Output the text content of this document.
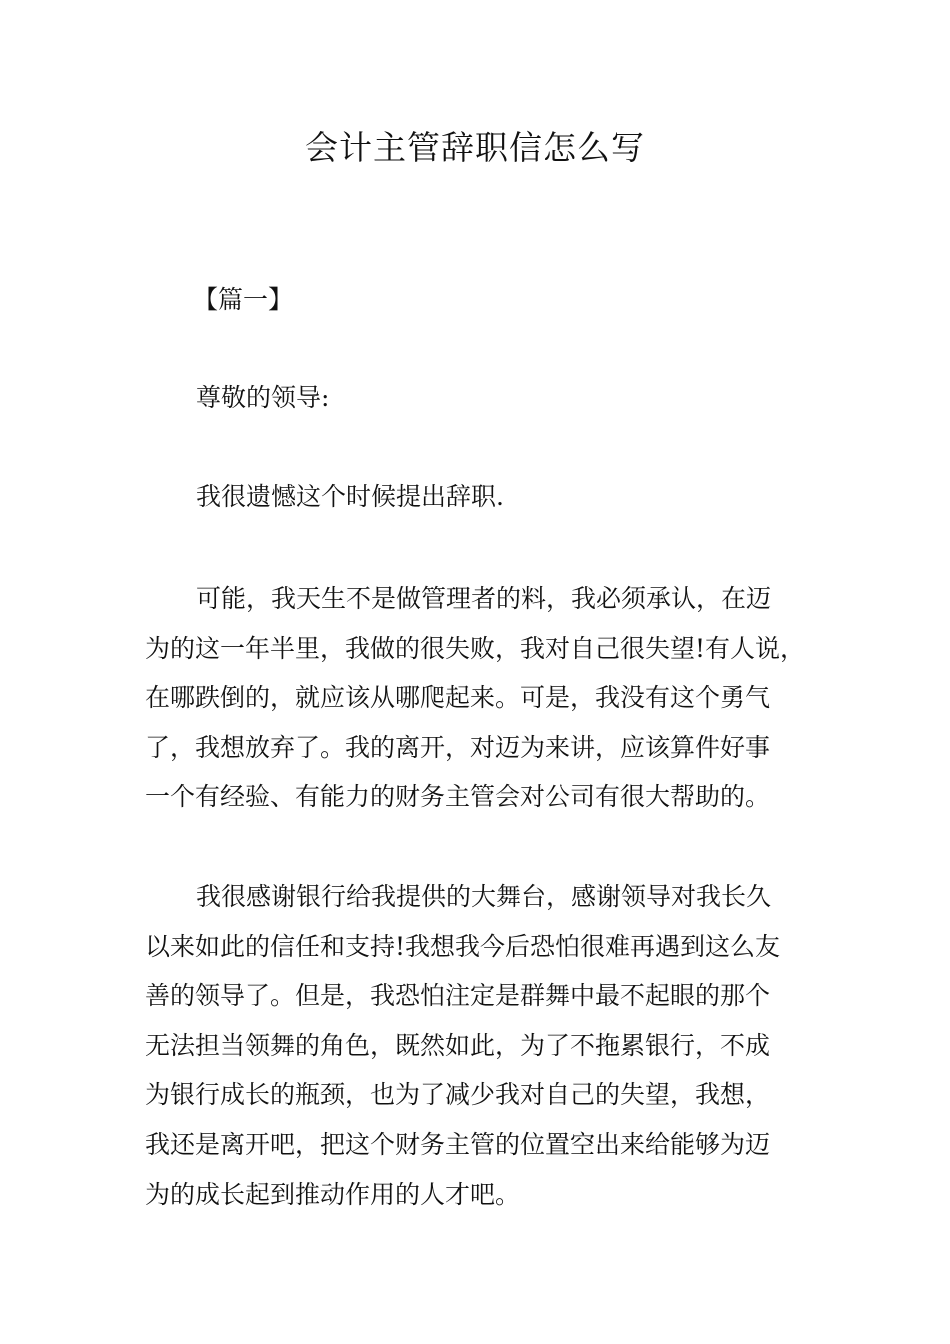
会计主管辞职信怎么写

【篇一】

尊敬的领导:

我很遗憾这个时候提出辞职.

可能，我天生不是做管理者的料，我必须承认，在迈
为的这一年半里，我做的很失败，我对自己很失望!有人说，
在哪跌倒的，就应该从哪爬起来。可是，我没有这个勇气
了，我想放弃了。我的离开，对迈为来讲，应该算件好事
一个有经验、有能力的财务主管会对公司有很大帮助的。

我很感谢银行给我提供的大舞台，感谢领导对我长久
以来如此的信任和支持!我想我今后恐怕很难再遇到这么友
善的领导了。但是，我恐怕注定是群舞中最不起眼的那个
无法担当领舞的角色，既然如此，为了不拖累银行，不成
为银行成长的瓶颈，也为了减少我对自己的失望，我想，
我还是离开吧，把这个财务主管的位置空出来给能够为迈
为的成长起到推动作用的人才吧。
